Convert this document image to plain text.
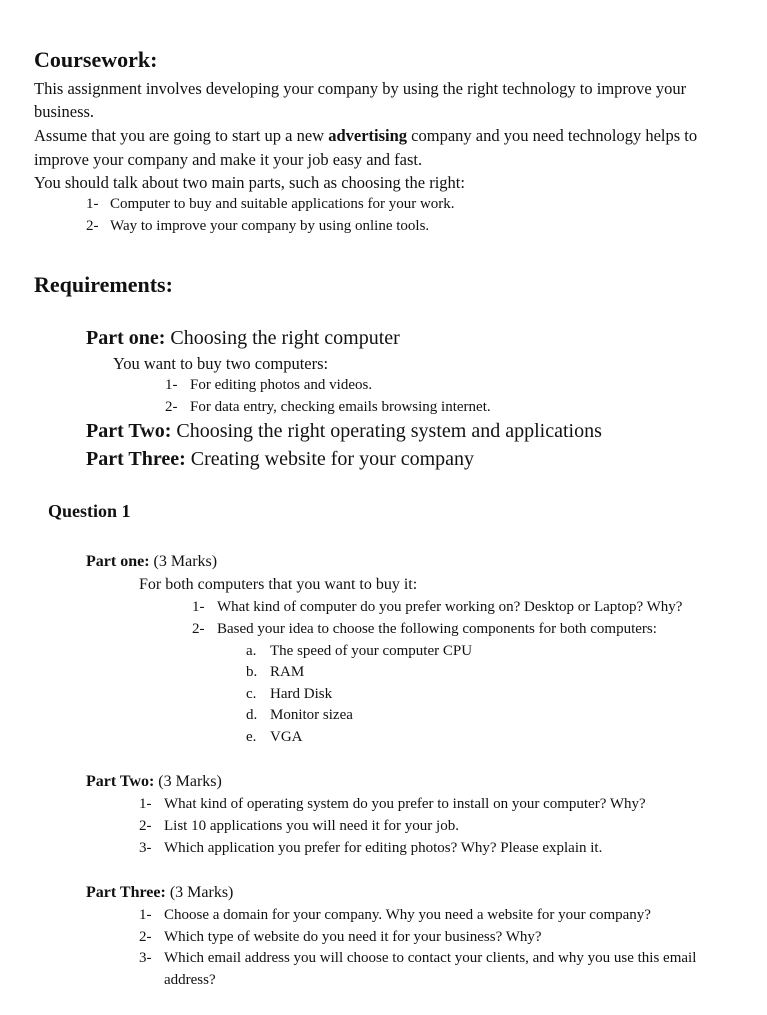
Coursework:
This assignment involves developing your company by using the right technology to improve your
business.
Assume that you are going to start up a new advertising company and you need technology helps to
improve your company and make it your job easy and fast.
You should talk about two main parts, such as choosing the right:
1- Computer to buy and suitable applications for your work.
2- Way to improve your company by using online tools.
Requirements:
Part one: Choosing the right computer
You want to buy two computers:
1- For editing photos and videos.
2- For data entry, checking emails browsing internet.
Part Two: Choosing the right operating system and applications
Part Three: Creating website for your company
Question 1
Part one: (3 Marks)
For both computers that you want to buy it:
1- What kind of computer do you prefer working on? Desktop or Laptop? Why?
2- Based your idea to choose the following components for both computers:
a. The speed of your computer CPU
b. RAM
c. Hard Disk
d. Monitor sizea
e. VGA
Part Two: (3 Marks)
1- What kind of operating system do you prefer to install on your computer? Why?
2- List 10 applications you will need it for your job.
3- Which application you prefer for editing photos? Why? Please explain it.
Part Three: (3 Marks)
1- Choose a domain for your company. Why you need a website for your company?
2- Which type of website do you need it for your business? Why?
3- Which email address you will choose to contact your clients, and why you use this email
address?
